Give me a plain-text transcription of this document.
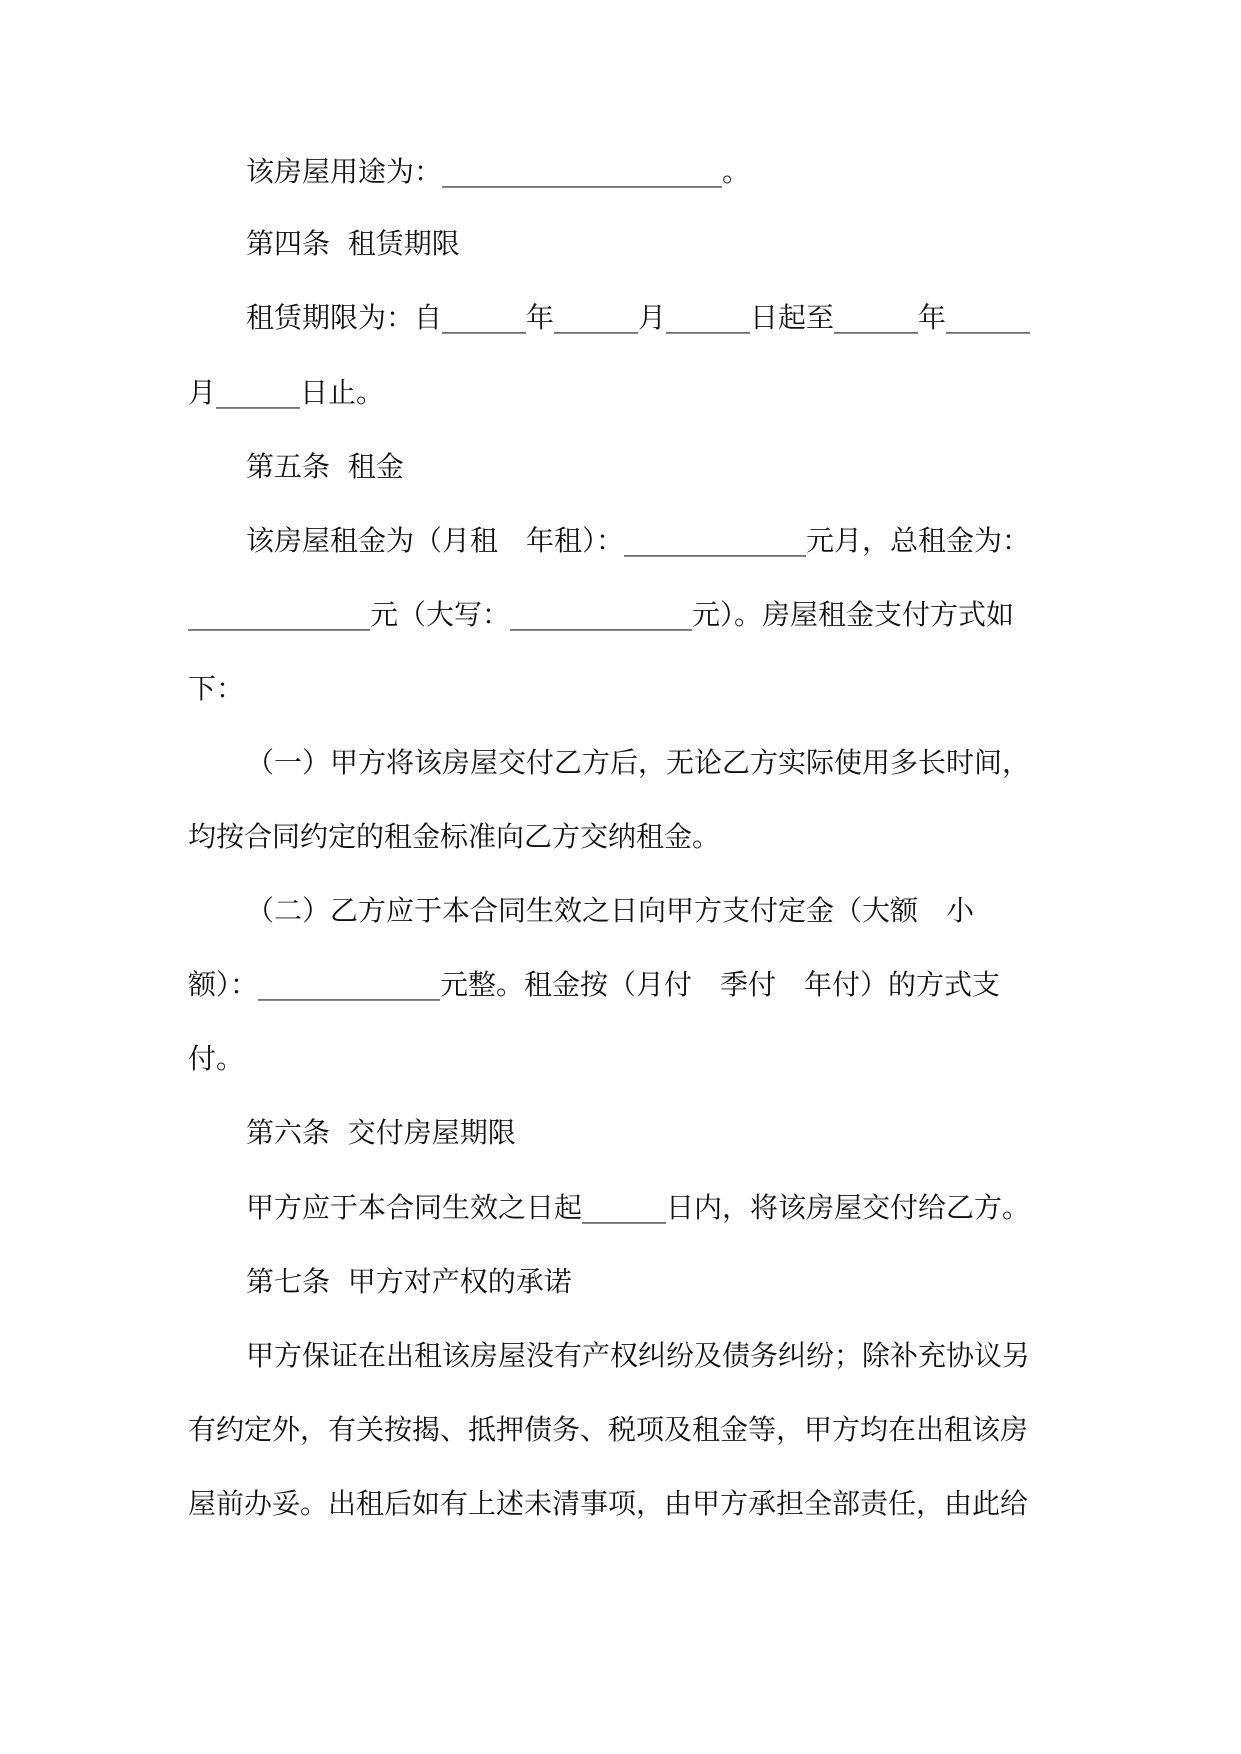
该房屋用途为：____________________。
第四条  租赁期限
租赁期限为：自______年______月______日起至______年______
月______日止。
第五条  租金
该房屋租金为（月租　年租）：_____________元月，总租金为：
_____________元（大写：_____________元）。房屋租金支付方式如
下：
（一）甲方将该房屋交付乙方后，无论乙方实际使用多长时间，
均按合同约定的租金标准向乙方交纳租金。
（二）乙方应于本合同生效之日向甲方支付定金（大额　小
额）：_____________元整。租金按（月付　季付　年付）的方式支
付。
第六条  交付房屋期限
甲方应于本合同生效之日起______日内，将该房屋交付给乙方。
第七条  甲方对产权的承诺
甲方保证在出租该房屋没有产权纠纷及债务纠纷；除补充协议另
有约定外，有关按揭、抵押债务、税项及租金等，甲方均在出租该房
屋前办妥。出租后如有上述未清事项，由甲方承担全部责任，由此给
